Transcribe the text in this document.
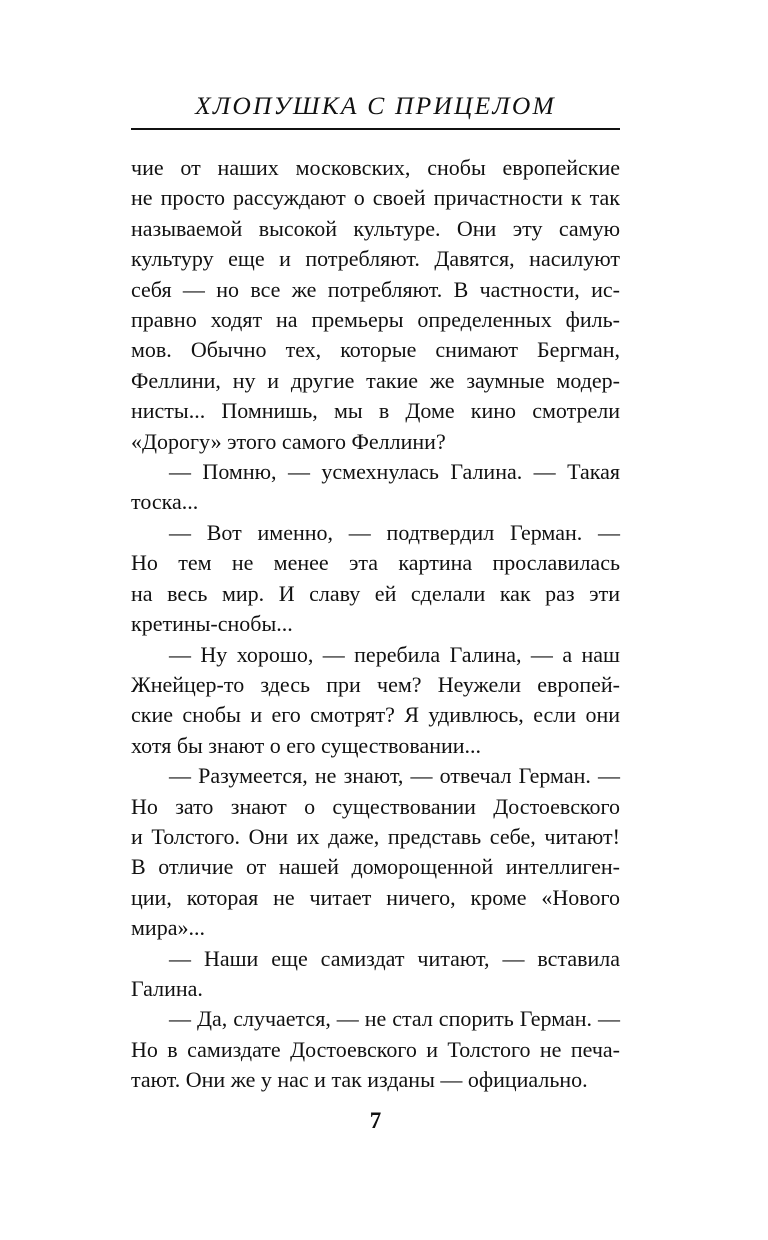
ХЛОПУШКА С ПРИЦЕЛОМ

чие от наших московских, снобы европейские
не просто рассуждают о своей причастности к так
называемой высокой культуре. Они эту самую
культуру еще и потребляют. Давятся, насилуют
себя — но все же потребляют. В частности, ис-
правно ходят на премьеры определенных филь-
мов. Обычно тех, которые снимают Бергман,
Феллини, ну и другие такие же заумные модер-
нисты... Помнишь, мы в Доме кино смотрели
«Дорогу» этого самого Феллини?

— Помню, — усмехнулась Галина. — Такая
тоска...

— Вот именно, — подтвердил Герман. —
Но тем не менее эта картина прославилась
на весь мир. И славу ей сделали как раз эти
кретины-снобы...

— Ну хорошо, — перебила Галина, — а наш
Жнейцер-то здесь при чем? Неужели европей-
ские снобы и его смотрят? Я удивлюсь, если они
хотя бы знают о его существовании...

— Разумеется, не знают, — отвечал Герман. —
Но зато знают о существовании Достоевского
и Толстого. Они их даже, представь себе, читают!
В отличие от нашей доморощенной интеллиген-
ции, которая не читает ничего, кроме «Нового
мира»...

— Наши еще самиздат читают, — вставила
Галина.

— Да, случается, — не стал спорить Герман. —
Но в самиздате Достоевского и Толстого не печа-
тают. Они же у нас и так изданы — официально.

7
